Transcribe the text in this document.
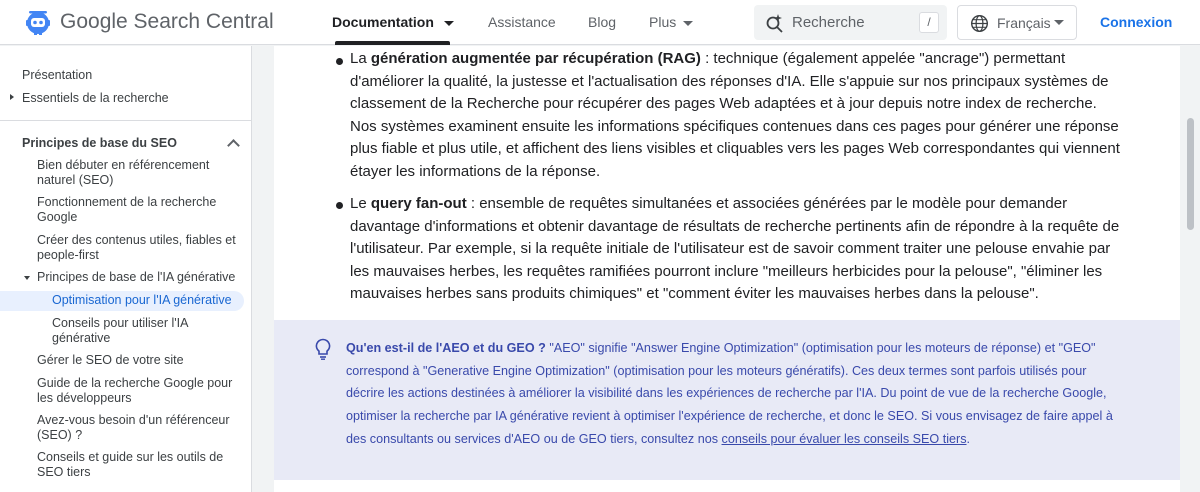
Google Search Central	Documentation	Assistance Blog Plus	Recherche	/	Français	Connexion
Présentation
Essentiels de la recherche
Principes de base du SEO
Bien débuter en référencement naturel (SEO)
Fonctionnement de la recherche Google
Créer des contenus utiles, fiables et people-first
Principes de base de l'IA générative
Optimisation pour l'IA générative
Conseils pour utiliser l'IA générative
Gérer le SEO de votre site
Guide de la recherche Google pour les développeurs
Avez-vous besoin d'un référenceur (SEO) ?
Conseils et guide sur les outils de SEO tiers
La génération augmentée par récupération (RAG) : technique (également appelée "ancrage") permettant d'améliorer la qualité, la justesse et l'actualisation des réponses d'IA. Elle s'appuie sur nos principaux systèmes de classement de la Recherche pour récupérer des pages Web adaptées et à jour depuis notre index de recherche. Nos systèmes examinent ensuite les informations spécifiques contenues dans ces pages pour générer une réponse plus fiable et plus utile, et affichent des liens visibles et cliquables vers les pages Web correspondantes qui viennent étayer les informations de la réponse.
Le query fan-out : ensemble de requêtes simultanées et associées générées par le modèle pour demander davantage d'informations et obtenir davantage de résultats de recherche pertinents afin de répondre à la requête de l'utilisateur. Par exemple, si la requête initiale de l'utilisateur est de savoir comment traiter une pelouse envahie par les mauvaises herbes, les requêtes ramifiées pourront inclure "meilleurs herbicides pour la pelouse", "éliminer les mauvaises herbes sans produits chimiques" et "comment éviter les mauvaises herbes dans la pelouse".
Qu'en est-il de l'AEO et du GEO ? "AEO" signifie "Answer Engine Optimization" (optimisation pour les moteurs de réponse) et "GEO" correspond à "Generative Engine Optimization" (optimisation pour les moteurs génératifs). Ces deux termes sont parfois utilisés pour décrire les actions destinées à améliorer la visibilité dans les expériences de recherche par l'IA. Du point de vue de la recherche Google, optimiser la recherche par IA générative revient à optimiser l'expérience de recherche, et donc le SEO. Si vous envisagez de faire appel à des consultants ou services d'AEO ou de GEO tiers, consultez nos conseils pour évaluer les conseils SEO tiers.
